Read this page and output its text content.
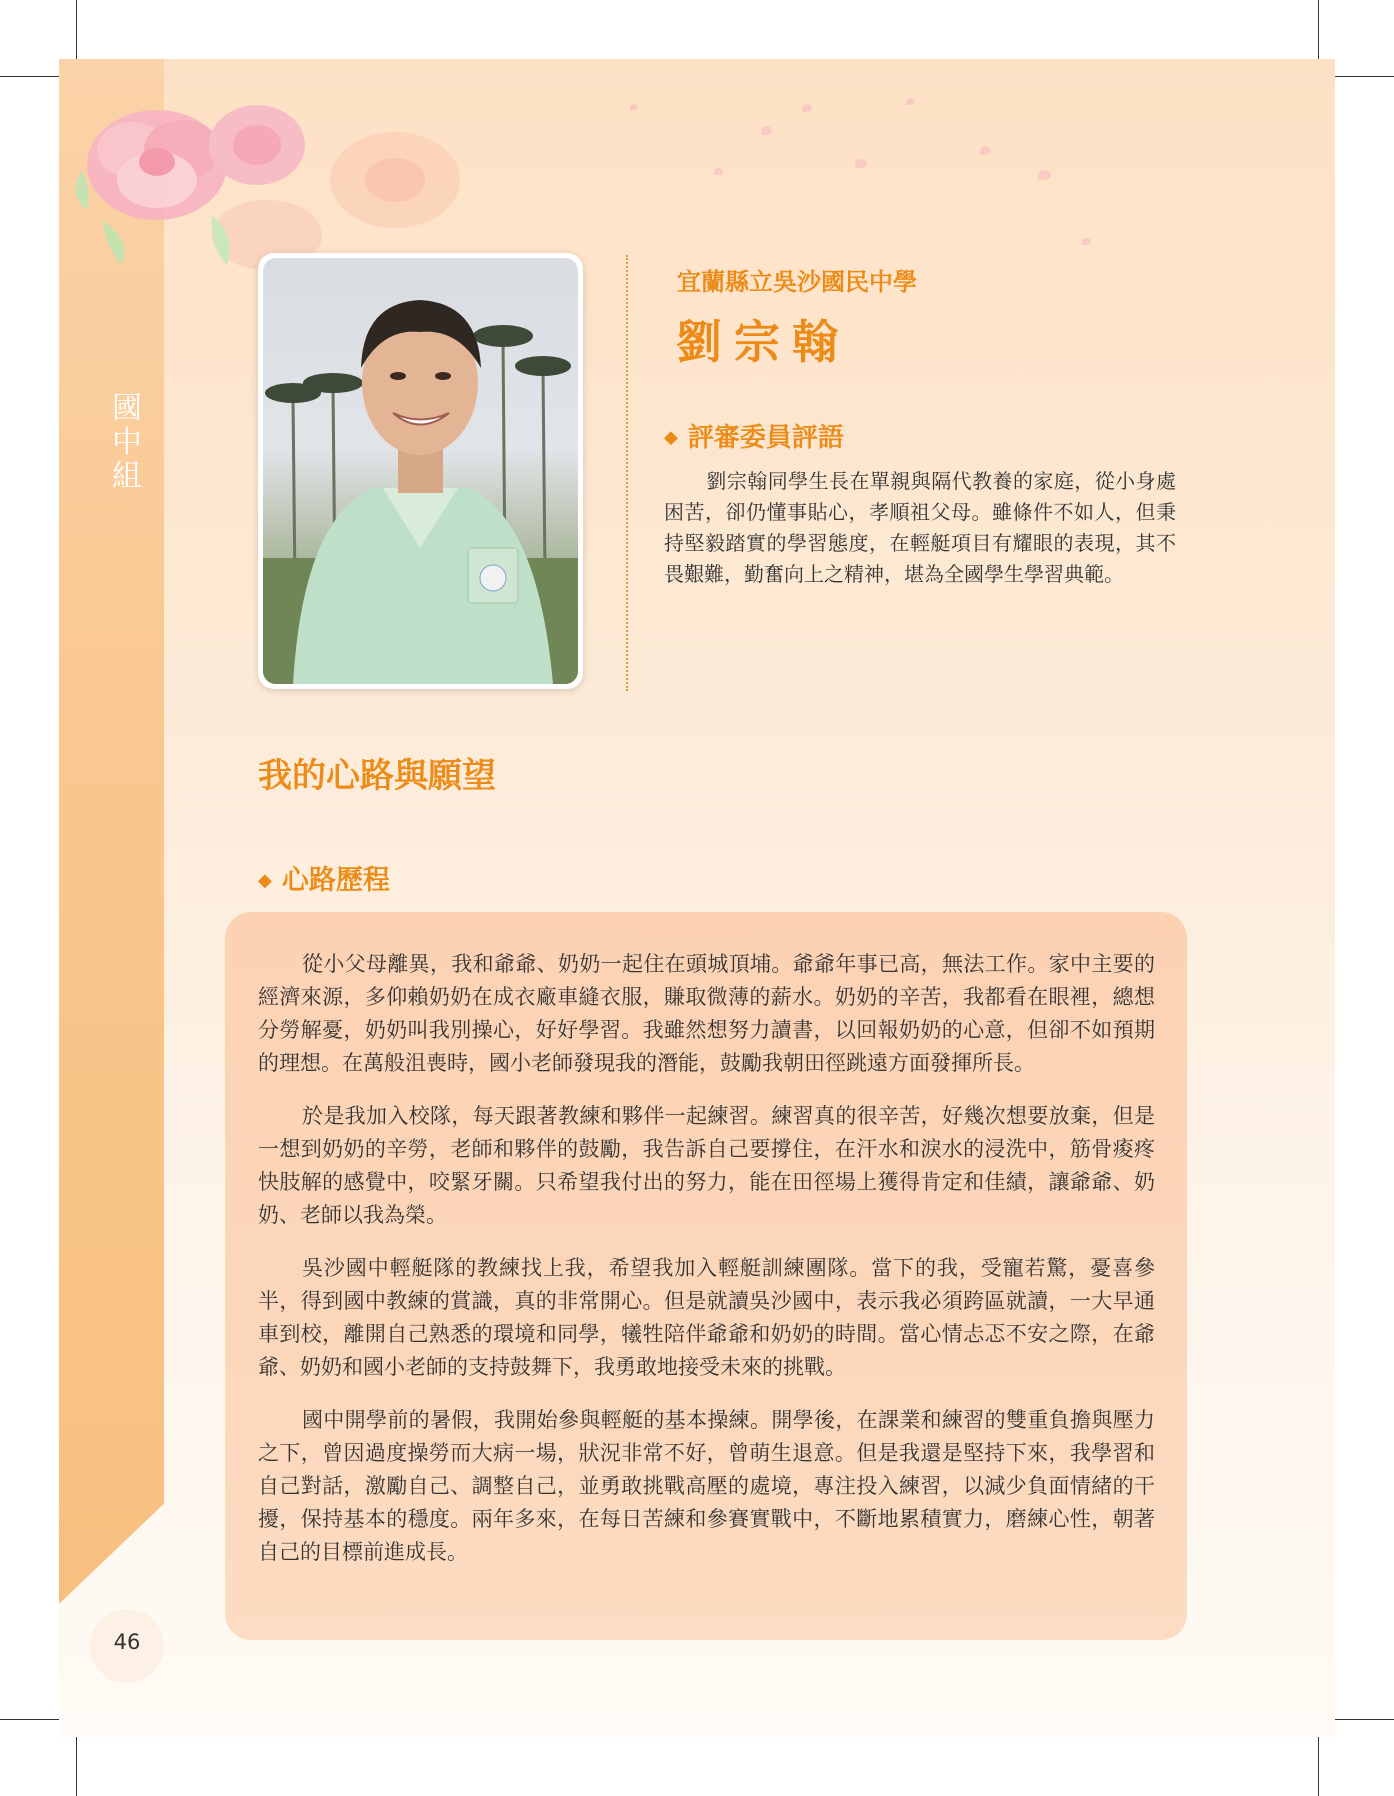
國
中
組
宜蘭縣立吳沙國民中學
劉宗翰
◆ 評審委員評語
劉宗翰同學生長在單親與隔代教養的家庭，從小身處困苦，卻仍懂事貼心，孝順祖父母。雖條件不如人，但秉持堅毅踏實的學習態度，在輕艇項目有耀眼的表現，其不畏艱難，勤奮向上之精神，堪為全國學生學習典範。
我的心路與願望
◆ 心路歷程

從小父母離異，我和爺爺、奶奶一起住在頭城頂埔。爺爺年事已高，無法工作。家中主要的經濟來源，多仰賴奶奶在成衣廠車縫衣服，賺取微薄的薪水。奶奶的辛苦，我都看在眼裡，總想分勞解憂，奶奶叫我別操心，好好學習。我雖然想努力讀書，以回報奶奶的心意，但卻不如預期的理想。在萬般沮喪時，國小老師發現我的潛能，鼓勵我朝田徑跳遠方面發揮所長。

於是我加入校隊，每天跟著教練和夥伴一起練習。練習真的很辛苦，好幾次想要放棄，但是一想到奶奶的辛勞，老師和夥伴的鼓勵，我告訴自己要撐住，在汗水和淚水的浸洗中，筋骨痠疼快肢解的感覺中，咬緊牙關。只希望我付出的努力，能在田徑場上獲得肯定和佳績，讓爺爺、奶奶、老師以我為榮。

吳沙國中輕艇隊的教練找上我，希望我加入輕艇訓練團隊。當下的我，受寵若驚，憂喜參半，得到國中教練的賞識，真的非常開心。但是就讀吳沙國中，表示我必須跨區就讀，一大早通車到校，離開自己熟悉的環境和同學，犧牲陪伴爺爺和奶奶的時間。當心情忐忑不安之際，在爺爺、奶奶和國小老師的支持鼓舞下，我勇敢地接受未來的挑戰。

國中開學前的暑假，我開始參與輕艇的基本操練。開學後，在課業和練習的雙重負擔與壓力之下，曾因過度操勞而大病一場，狀況非常不好，曾萌生退意。但是我還是堅持下來，我學習和自己對話，激勵自己、調整自己，並勇敢挑戰高壓的處境，專注投入練習，以減少負面情緒的干擾，保持基本的穩度。兩年多來，在每日苦練和參賽實戰中，不斷地累積實力，磨練心性，朝著自己的目標前進成長。

46
